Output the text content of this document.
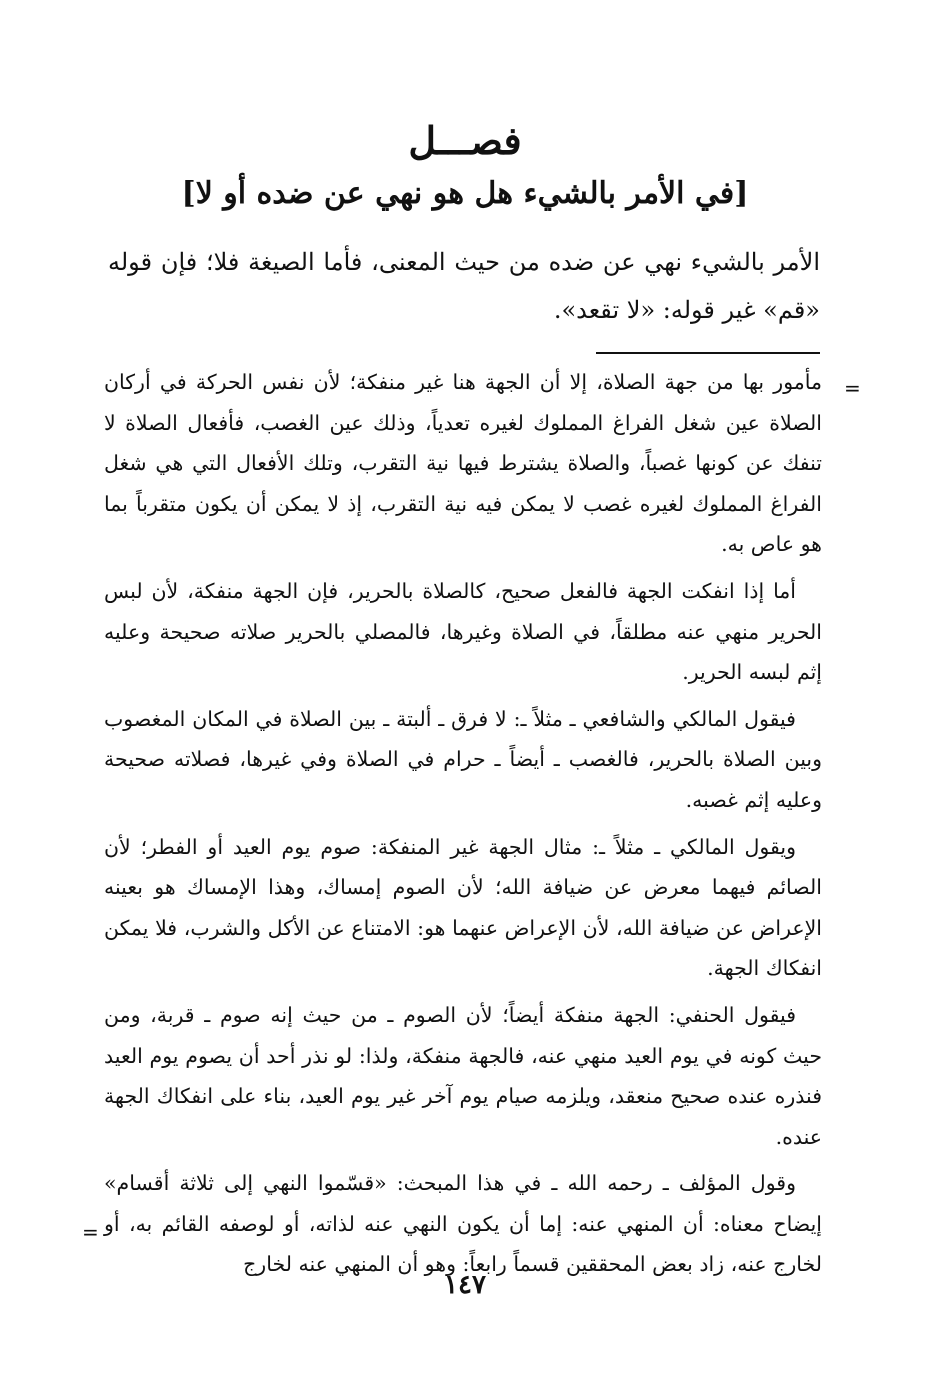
فصـــل
[في الأمر بالشيء هل هو نهي عن ضده أو لا]

الأمر بالشيء نهي عن ضده من حيث المعنى، فأما الصيغة فلا؛ فإن قوله «قم» غير قوله: «لا تقعد».

=

مأمور بها من جهة الصلاة، إلا أن الجهة هنا غير منفكة؛ لأن نفس الحركة في أركان الصلاة عين شغل الفراغ المملوك لغيره تعدياً، وذلك عين الغصب، فأفعال الصلاة لا تنفك عن كونها غصباً، والصلاة يشترط فيها نية التقرب، وتلك الأفعال التي هي شغل الفراغ المملوك لغيره غصب لا يمكن فيه نية التقرب، إذ لا يمكن أن يكون متقرباً بما هو عاص به.

أما إذا انفكت الجهة فالفعل صحيح، كالصلاة بالحرير، فإن الجهة منفكة، لأن لبس الحرير منهي عنه مطلقاً، في الصلاة وغيرها، فالمصلي بالحرير صلاته صحيحة وعليه إثم لبسه الحرير.

فيقول المالكي والشافعي ـ مثلاً ـ: لا فرق ـ ألبتة ـ بين الصلاة في المكان المغصوب وبين الصلاة بالحرير، فالغصب ـ أيضاً ـ حرام في الصلاة وفي غيرها، فصلاته صحيحة وعليه إثم غصبه.

ويقول المالكي ـ مثلاً ـ: مثال الجهة غير المنفكة: صوم يوم العيد أو الفطر؛ لأن الصائم فيهما معرض عن ضيافة الله؛ لأن الصوم إمساك، وهذا الإمساك هو بعينه الإعراض عن ضيافة الله، لأن الإعراض عنهما هو: الامتناع عن الأكل والشرب، فلا يمكن انفكاك الجهة.

فيقول الحنفي: الجهة منفكة أيضاً؛ لأن الصوم ـ من حيث إنه صوم ـ قربة، ومن حيث كونه في يوم العيد منهي عنه، فالجهة منفكة، ولذا: لو نذر أحد أن يصوم يوم العيد فنذره عنده صحيح منعقد، ويلزمه صيام يوم آخر غير يوم العيد، بناء على انفكاك الجهة عنده.

وقول المؤلف ـ رحمه الله ـ في هذا المبحث: «قسّموا النهي إلى ثلاثة أقسام» إيضاح معناه: أن المنهي عنه: إما أن يكون النهي عنه لذاته، أو لوصفه القائم به، أو لخارج عنه، زاد بعض المحققين قسماً رابعاً: وهو أن المنهي عنه لخارج

=
١٤٧
